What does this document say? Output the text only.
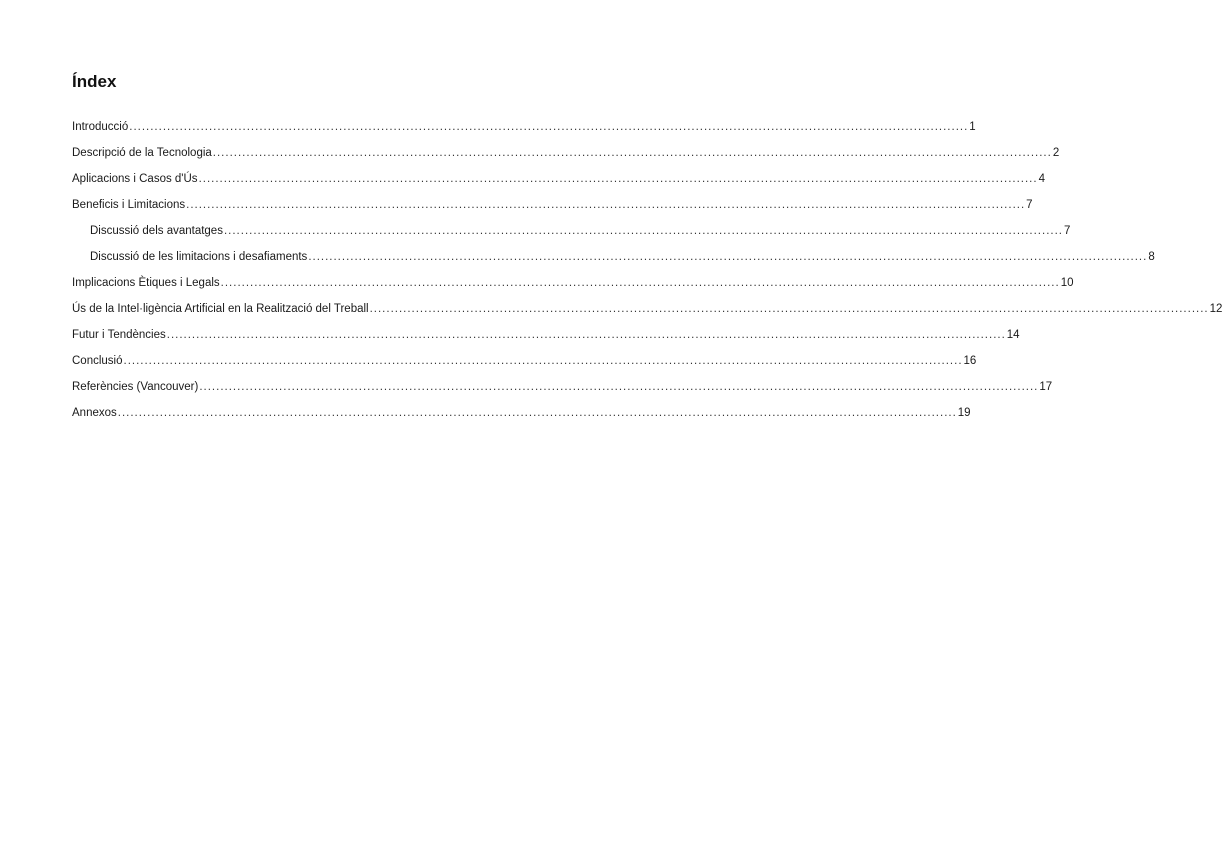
Índex
Introducció ........................................................................................................................................................................................................ 1
Descripció de la Tecnologia ........................................................................................................................................................................................................ 2
Aplicacions i Casos d'Ús ........................................................................................................................................................................................................ 4
Beneficis i Limitacions ........................................................................................................................................................................................................ 7
Discussió dels avantatges ........................................................................................................................................................................................................ 7
Discussió de les limitacions i desafiaments ........................................................................................................................................................................................................ 8
Implicacions Ètiques i Legals ........................................................................................................................................................................................................ 10
Ús de la Intel·ligència Artificial en la Realització del Treball ........................................................................................................................................................................................................ 12
Futur i Tendències ........................................................................................................................................................................................................ 14
Conclusió ........................................................................................................................................................................................................ 16
Referències (Vancouver) ........................................................................................................................................................................................................ 17
Annexos ........................................................................................................................................................................................................ 19
